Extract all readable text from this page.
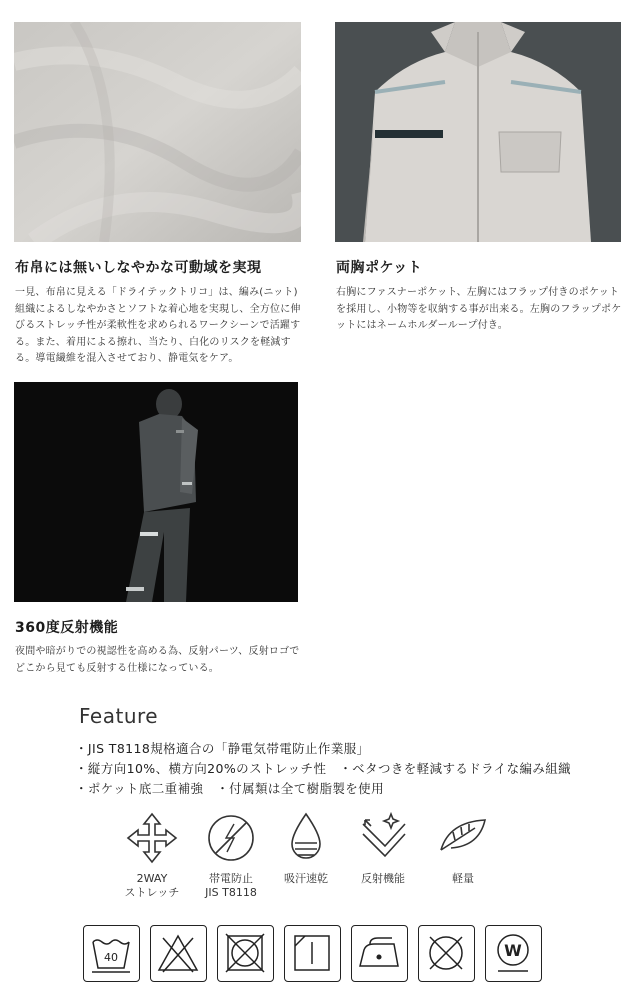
布帛には無いしなやかな可動域を実現
一見、布帛に見える「ドライテックトリコ」は、編み(ニット)組織によるしなやかさとソフトな着心地を実現し、全方位に伸びるストレッチ性が柔軟性を求められるワークシーンで活躍する。また、着用による擦れ、当たり、白化のリスクを軽減する。導電繊維を混入させており、静電気をケア。
両胸ポケット
右胸にファスナーポケット、左胸にはフラップ付きのポケットを採用し、小物等を収納する事が出来る。左胸のフラップポケットにはネームホルダーループ付き。
360度反射機能
夜間や暗がりでの視認性を高める為、反射パーツ、反射ロゴでどこから見ても反射する仕様になっている。
Feature
・JIS T8118規格適合の「静電気帯電防止作業服」
・縦方向10%、横方向20%のストレッチ性　・ベタつきを軽減するドライな編み組織
・ポケット底二重補強　・付属類は全て樹脂製を使用
2WAY
ストレッチ
帯電防止
JIS T8118
吸汗速乾	反射機能	軽量
40	W
